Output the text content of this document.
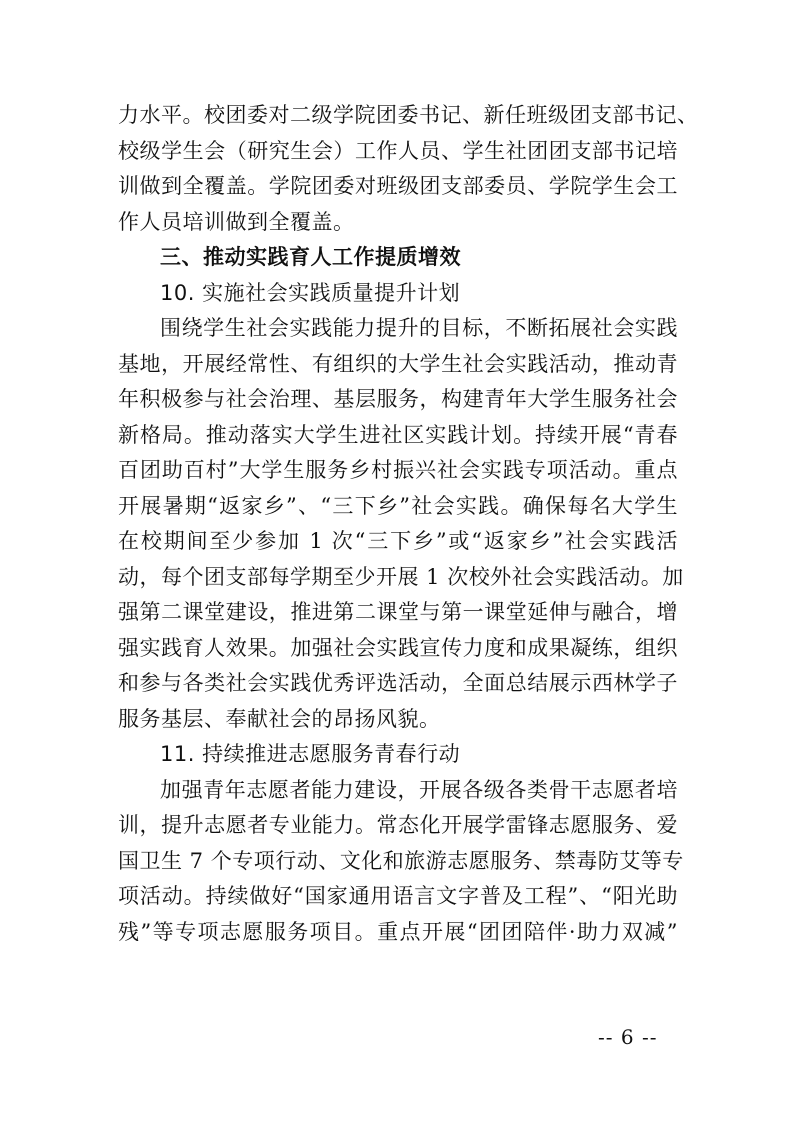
力水平。校团委对二级学院团委书记、新任班级团支部书记、
校级学生会（研究生会）工作人员、学生社团团支部书记培
训做到全覆盖。学院团委对班级团支部委员、学院学生会工
作人员培训做到全覆盖。
三、推动实践育人工作提质增效
10. 实施社会实践质量提升计划
围绕学生社会实践能力提升的目标，不断拓展社会实践
基地，开展经常性、有组织的大学生社会实践活动，推动青
年积极参与社会治理、基层服务，构建青年大学生服务社会
新格局。推动落实大学生进社区实践计划。持续开展“青春
百团助百村”大学生服务乡村振兴社会实践专项活动。重点
开展暑期“返家乡”、“三下乡”社会实践。确保每名大学生
在校期间至少参加 1 次“三下乡”或“返家乡”社会实践活
动，每个团支部每学期至少开展 1 次校外社会实践活动。加
强第二课堂建设，推进第二课堂与第一课堂延伸与融合，增
强实践育人效果。加强社会实践宣传力度和成果凝练，组织
和参与各类社会实践优秀评选活动，全面总结展示西林学子
服务基层、奉献社会的昂扬风貌。
11. 持续推进志愿服务青春行动
加强青年志愿者能力建设，开展各级各类骨干志愿者培
训，提升志愿者专业能力。常态化开展学雷锋志愿服务、爱
国卫生 7 个专项行动、文化和旅游志愿服务、禁毒防艾等专
项活动。持续做好“国家通用语言文字普及工程”、“阳光助
残”等专项志愿服务项目。重点开展“团团陪伴·助力双减”
-- 6 --
